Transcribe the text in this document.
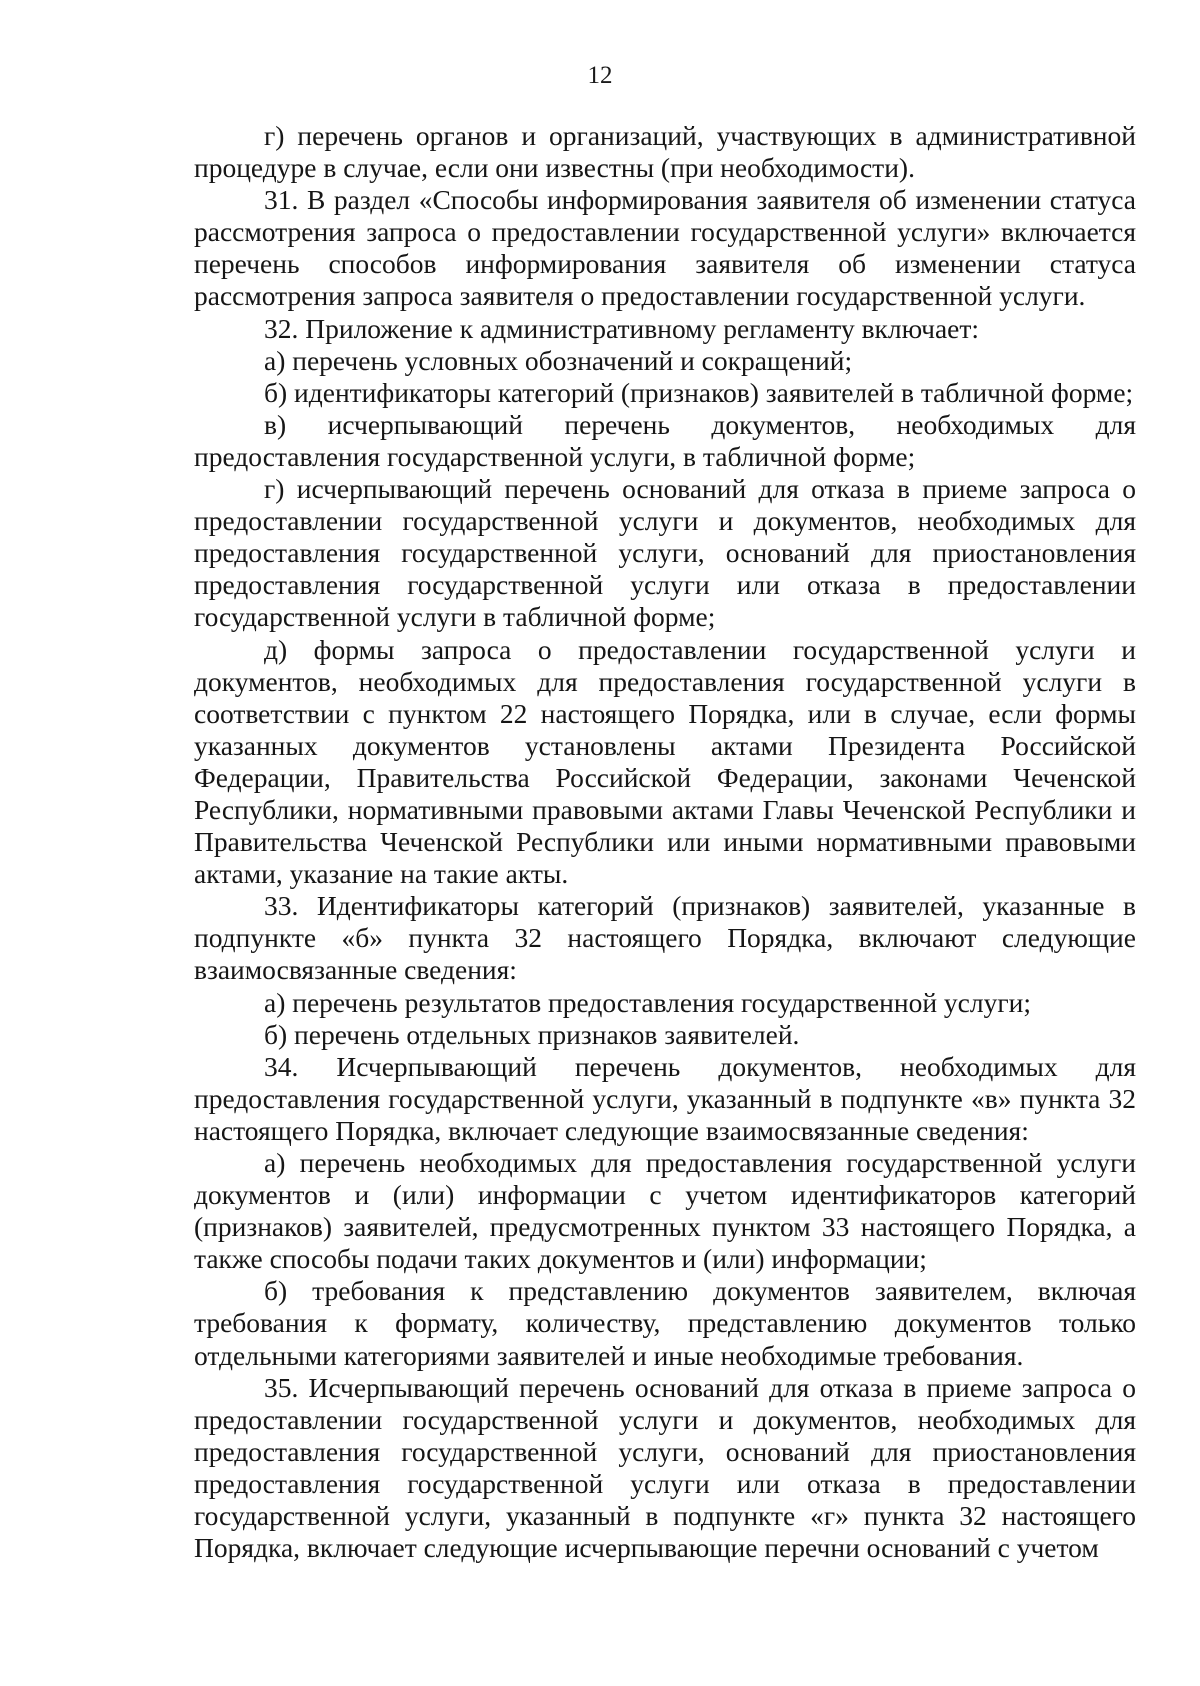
12

г) перечень органов и организаций, участвующих в административной процедуре в случае, если они известны (при необходимости).

31. В раздел «Способы информирования заявителя об изменении статуса рассмотрения запроса о предоставлении государственной услуги» включается перечень способов информирования заявителя об изменении статуса рассмотрения запроса заявителя о предоставлении государственной услуги.

32. Приложение к административному регламенту включает:

а) перечень условных обозначений и сокращений;

б) идентификаторы категорий (признаков) заявителей в табличной форме;

в) исчерпывающий перечень документов, необходимых для предоставления государственной услуги, в табличной форме;

г) исчерпывающий перечень оснований для отказа в приеме запроса о предоставлении государственной услуги и документов, необходимых для предоставления государственной услуги, оснований для приостановления предоставления государственной услуги или отказа в предоставлении государственной услуги в табличной форме;

д) формы запроса о предоставлении государственной услуги и документов, необходимых для предоставления государственной услуги в соответствии с пунктом 22 настоящего Порядка, или в случае, если формы указанных документов установлены актами Президента Российской Федерации, Правительства Российской Федерации, законами Чеченской Республики, нормативными правовыми актами Главы Чеченской Республики и Правительства Чеченской Республики или иными нормативными правовыми актами, указание на такие акты.

33. Идентификаторы категорий (признаков) заявителей, указанные в подпункте «б» пункта 32 настоящего Порядка, включают следующие взаимосвязанные сведения:

а) перечень результатов предоставления государственной услуги;

б) перечень отдельных признаков заявителей.

34. Исчерпывающий перечень документов, необходимых для предоставления государственной услуги, указанный в подпункте «в» пункта 32 настоящего Порядка, включает следующие взаимосвязанные сведения:

а) перечень необходимых для предоставления государственной услуги документов и (или) информации с учетом идентификаторов категорий (признаков) заявителей, предусмотренных пунктом 33 настоящего Порядка, а также способы подачи таких документов и (или) информации;

б) требования к представлению документов заявителем, включая требования к формату, количеству, представлению документов только отдельными категориями заявителей и иные необходимые требования.

35. Исчерпывающий перечень оснований для отказа в приеме запроса о предоставлении государственной услуги и документов, необходимых для предоставления государственной услуги, оснований для приостановления предоставления государственной услуги или отказа в предоставлении государственной услуги, указанный в подпункте «г» пункта 32 настоящего Порядка, включает следующие исчерпывающие перечни оснований с учетом
